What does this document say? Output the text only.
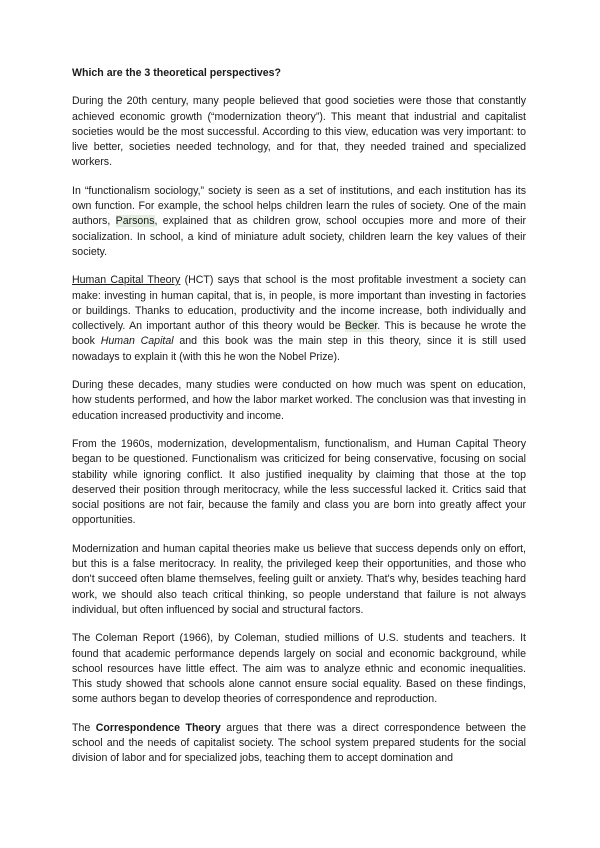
Which are the 3 theoretical perspectives?

During the 20th century, many people believed that good societies were those that constantly achieved economic growth (“modernization theory”). This meant that industrial and capitalist societies would be the most successful. According to this view, education was very important: to live better, societies needed technology, and for that, they needed trained and specialized workers.

In “functionalism sociology,” society is seen as a set of institutions, and each institution has its own function. For example, the school helps children learn the rules of society. One of the main authors, Parsons, explained that as children grow, school occupies more and more of their socialization. In school, a kind of miniature adult society, children learn the key values of their society.

Human Capital Theory (HCT) says that school is the most profitable investment a society can make: investing in human capital, that is, in people, is more important than investing in factories or buildings. Thanks to education, productivity and the income increase, both individually and collectively. An important author of this theory would be Becker. This is because he wrote the book Human Capital and this book was the main step in this theory, since it is still used nowadays to explain it (with this he won the Nobel Prize).

During these decades, many studies were conducted on how much was spent on education, how students performed, and how the labor market worked. The conclusion was that investing in education increased productivity and income.

From the 1960s, modernization, developmentalism, functionalism, and Human Capital Theory began to be questioned. Functionalism was criticized for being conservative, focusing on social stability while ignoring conflict. It also justified inequality by claiming that those at the top deserved their position through meritocracy, while the less successful lacked it. Critics said that social positions are not fair, because the family and class you are born into greatly affect your opportunities.

Modernization and human capital theories make us believe that success depends only on effort, but this is a false meritocracy. In reality, the privileged keep their opportunities, and those who don't succeed often blame themselves, feeling guilt or anxiety. That's why, besides teaching hard work, we should also teach critical thinking, so people understand that failure is not always individual, but often influenced by social and structural factors.

The Coleman Report (1966), by Coleman, studied millions of U.S. students and teachers. It found that academic performance depends largely on social and economic background, while school resources have little effect. The aim was to analyze ethnic and economic inequalities. This study showed that schools alone cannot ensure social equality. Based on these findings, some authors began to develop theories of correspondence and reproduction.

The Correspondence Theory argues that there was a direct correspondence between the school and the needs of capitalist society. The school system prepared students for the social division of labor and for specialized jobs, teaching them to accept domination and
